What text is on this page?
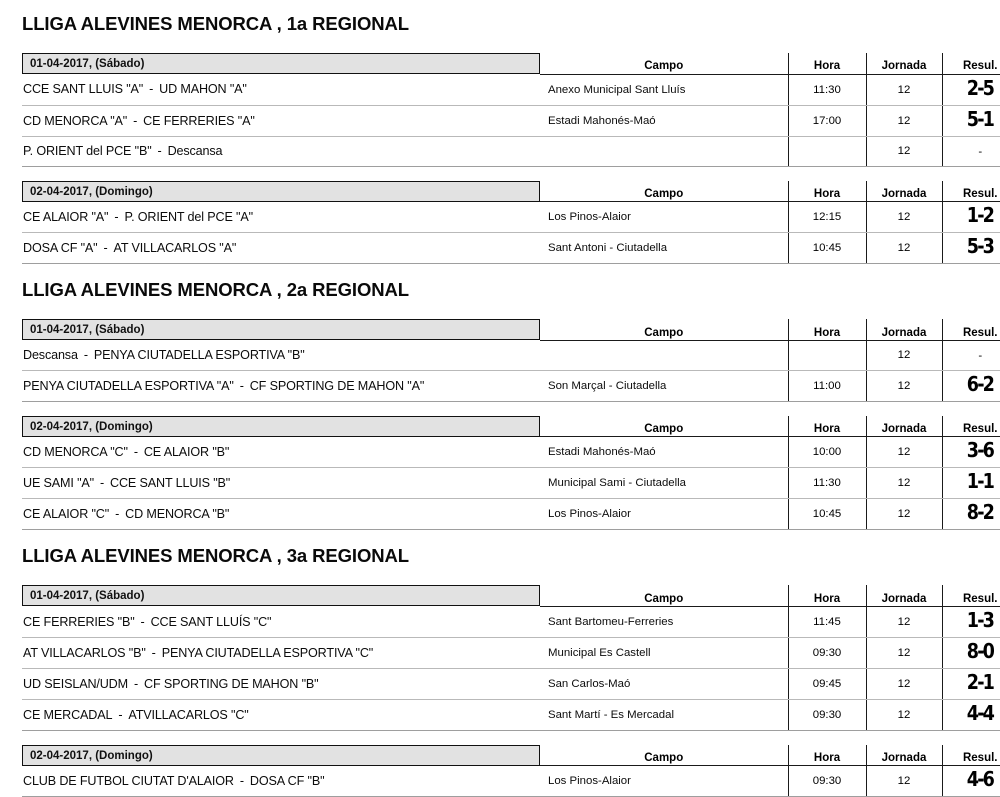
LLIGA ALEVINES MENORCA , 1a REGIONAL
01-04-2017, (Sábado)	Campo	Hora	Jornada	Resul.
CCE SANT LLUIS "A" - UD MAHON "A"	Anexo Municipal Sant Lluís	11:30	12	2-5
CD MENORCA "A" - CE FERRERIES "A"	Estadi Mahonés-Maó	17:00	12	5-1
P. ORIENT del PCE "B" - Descansa			12	-
02-04-2017, (Domingo)	Campo	Hora	Jornada	Resul.
CE ALAIOR "A" - P. ORIENT del PCE "A"	Los Pinos-Alaior	12:15	12	1-2
DOSA CF "A" - AT VILLACARLOS "A"	Sant Antoni - Ciutadella	10:45	12	5-3
LLIGA ALEVINES MENORCA , 2a REGIONAL
01-04-2017, (Sábado)	Campo	Hora	Jornada	Resul.
Descansa - PENYA CIUTADELLA ESPORTIVA "B"			12	-
PENYA CIUTADELLA ESPORTIVA "A" - CF SPORTING DE MAHON "A"	Son Marçal - Ciutadella	11:00	12	6-2
02-04-2017, (Domingo)	Campo	Hora	Jornada	Resul.
CD MENORCA "C" - CE ALAIOR "B"	Estadi Mahonés-Maó	10:00	12	3-6
UE SAMI "A" - CCE SANT LLUIS "B"	Municipal Sami - Ciutadella	11:30	12	1-1
CE ALAIOR "C" - CD MENORCA "B"	Los Pinos-Alaior	10:45	12	8-2
LLIGA ALEVINES MENORCA , 3a REGIONAL
01-04-2017, (Sábado)	Campo	Hora	Jornada	Resul.
CE FERRERIES "B" - CCE SANT LLUÍS "C"	Sant Bartomeu-Ferreries	11:45	12	1-3
AT VILLACARLOS "B" - PENYA CIUTADELLA ESPORTIVA "C"	Municipal Es Castell	09:30	12	8-0
UD SEISLAN/UDM - CF SPORTING DE MAHON "B"	San Carlos-Maó	09:45	12	2-1
CE MERCADAL - ATVILLACARLOS "C"	Sant Martí - Es Mercadal	09:30	12	4-4
02-04-2017, (Domingo)	Campo	Hora	Jornada	Resul.
CLUB DE FUTBOL CIUTAT D'ALAIOR - DOSA CF "B"	Los Pinos-Alaior	09:30	12	4-6
